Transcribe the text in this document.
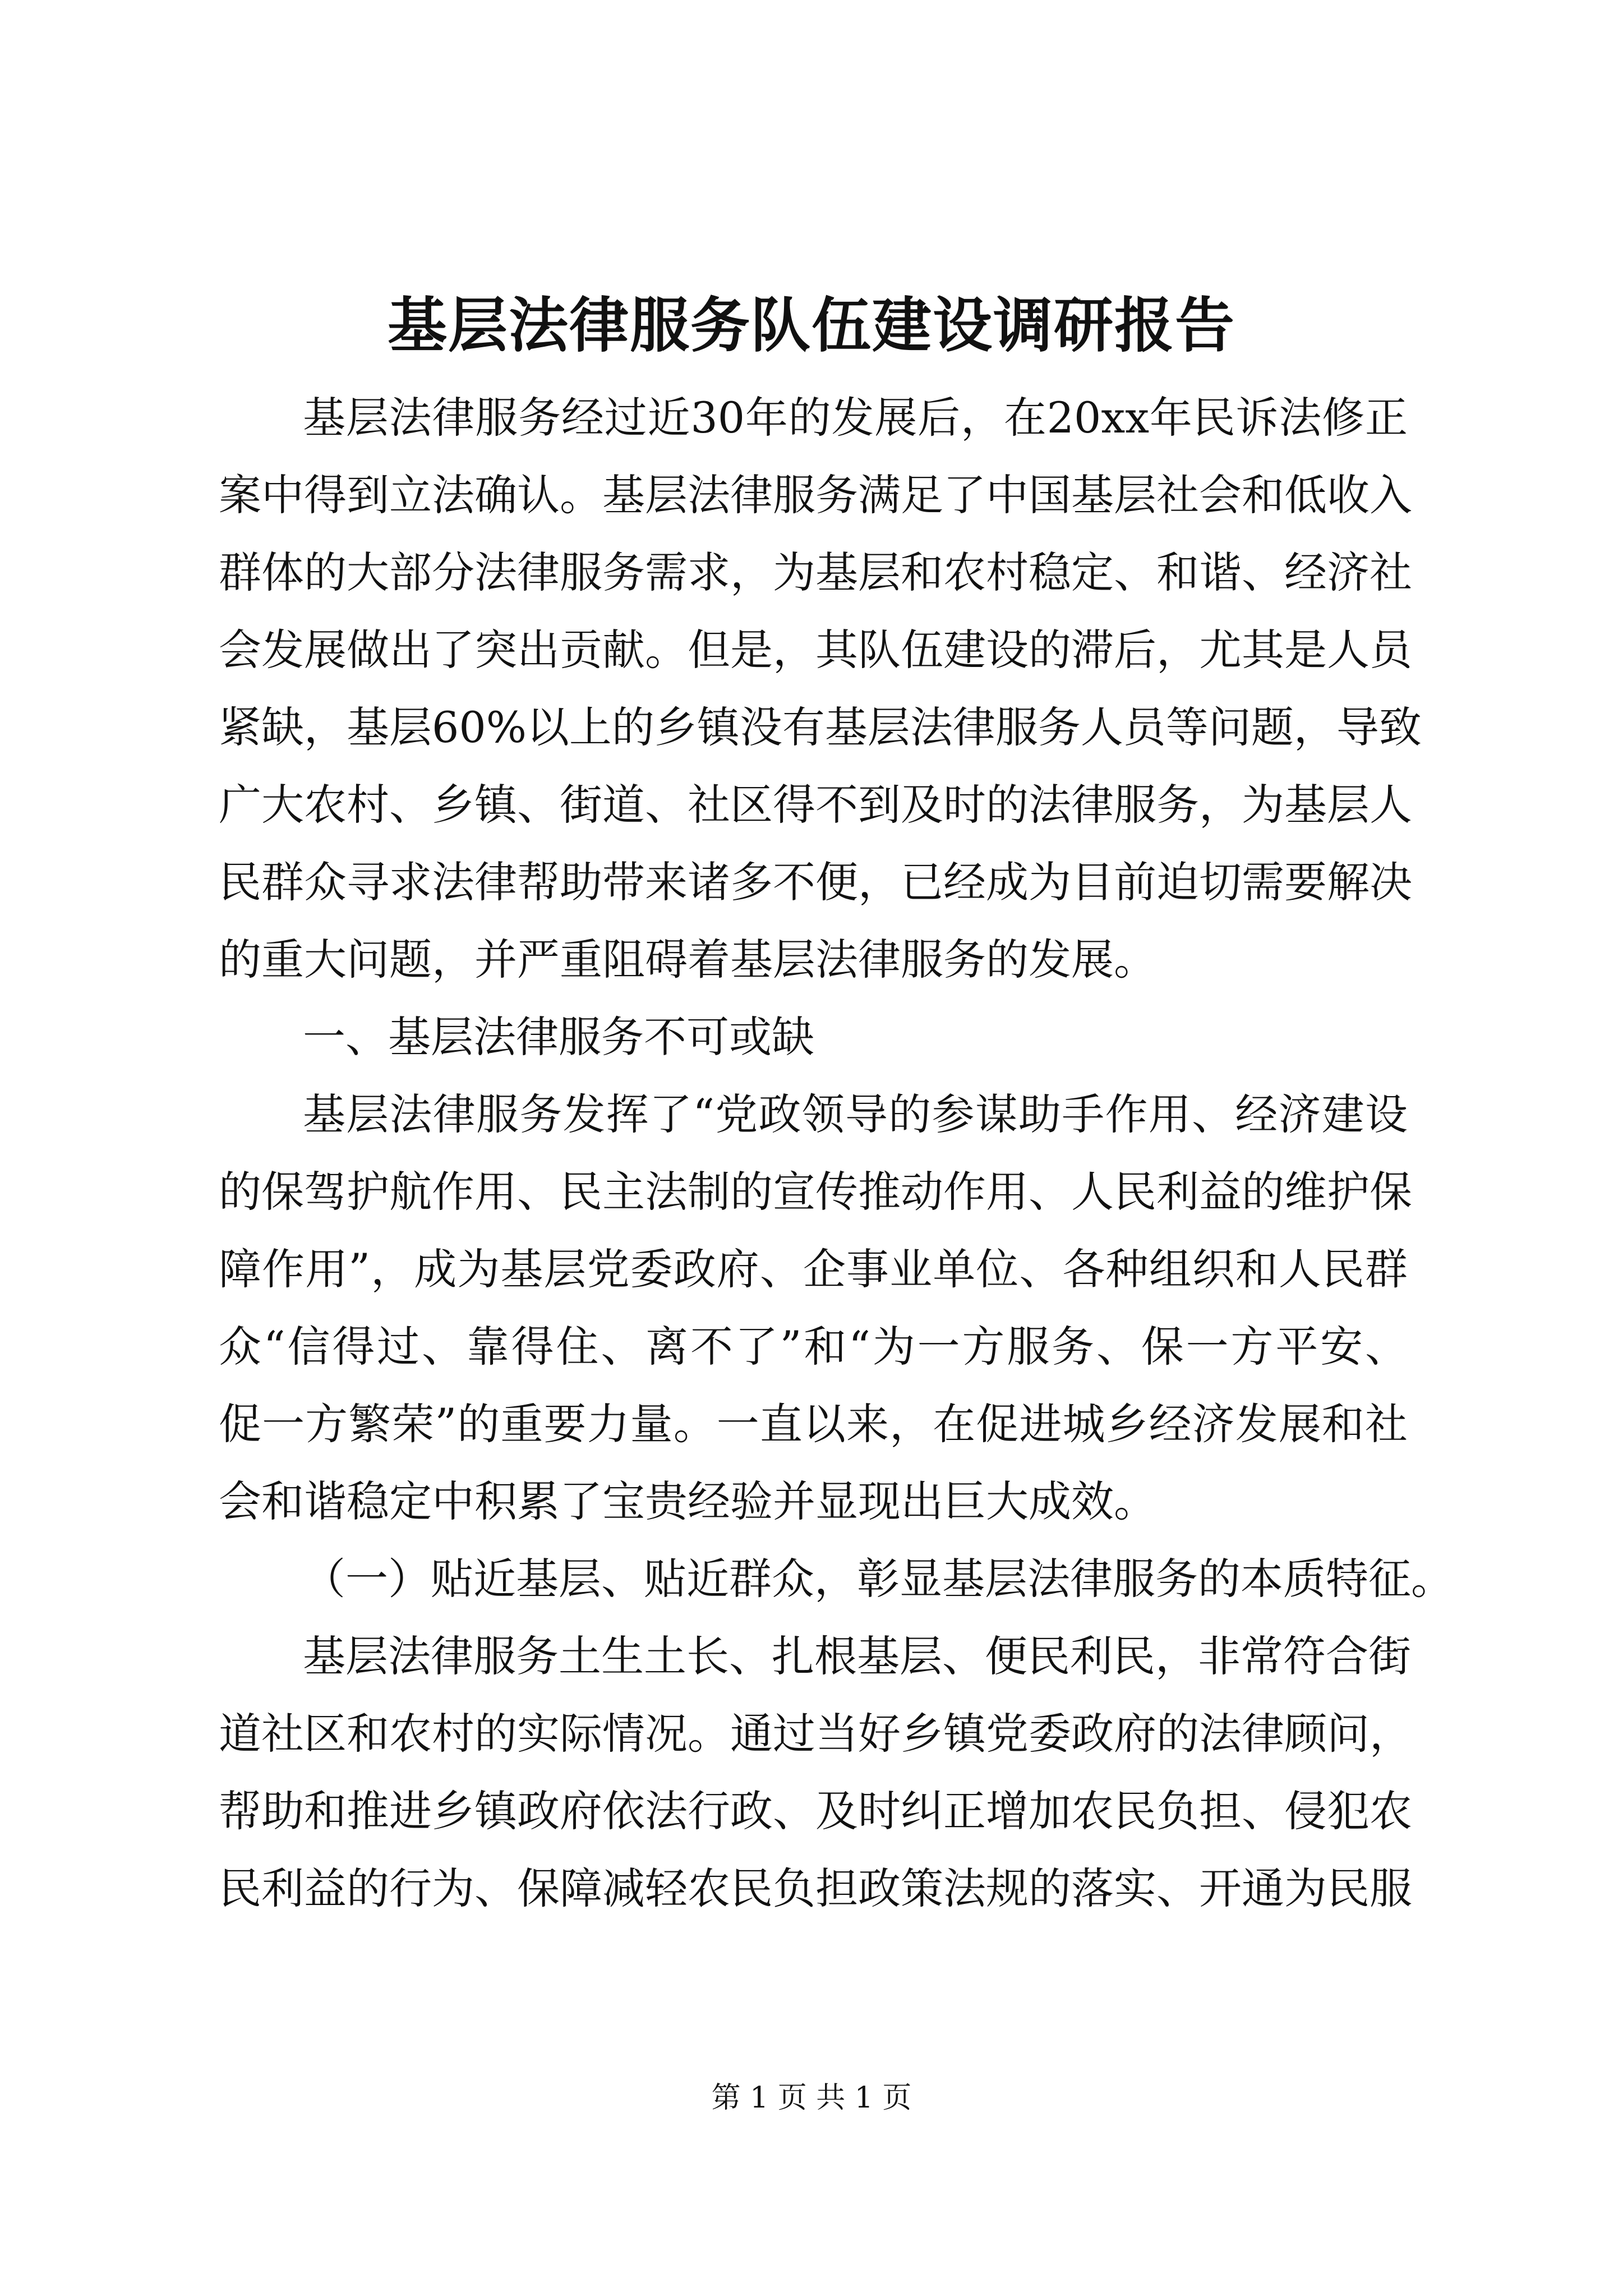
基层法律服务队伍建设调研报告
基层法律服务经过近30年的发展后，在20xx年民诉法修正
案中得到立法确认。基层法律服务满足了中国基层社会和低收入
群体的大部分法律服务需求，为基层和农村稳定、和谐、经济社
会发展做出了突出贡献。但是，其队伍建设的滞后，尤其是人员
紧缺，基层60%以上的乡镇没有基层法律服务人员等问题，导致
广大农村、乡镇、街道、社区得不到及时的法律服务，为基层人
民群众寻求法律帮助带来诸多不便，已经成为目前迫切需要解决
的重大问题，并严重阻碍着基层法律服务的发展。
一、基层法律服务不可或缺
基层法律服务发挥了“党政领导的参谋助手作用、经济建设
的保驾护航作用、民主法制的宣传推动作用、人民利益的维护保
障作用”，成为基层党委政府、企事业单位、各种组织和人民群
众“信得过、靠得住、离不了”和“为一方服务、保一方平安、
促一方繁荣”的重要力量。一直以来，在促进城乡经济发展和社
会和谐稳定中积累了宝贵经验并显现出巨大成效。
（一）贴近基层、贴近群众，彰显基层法律服务的本质特征。
基层法律服务土生土长、扎根基层、便民利民，非常符合街
道社区和农村的实际情况。通过当好乡镇党委政府的法律顾问，
帮助和推进乡镇政府依法行政、及时纠正增加农民负担、侵犯农
民利益的行为、保障减轻农民负担政策法规的落实、开通为民服
第 1 页 共 1 页
